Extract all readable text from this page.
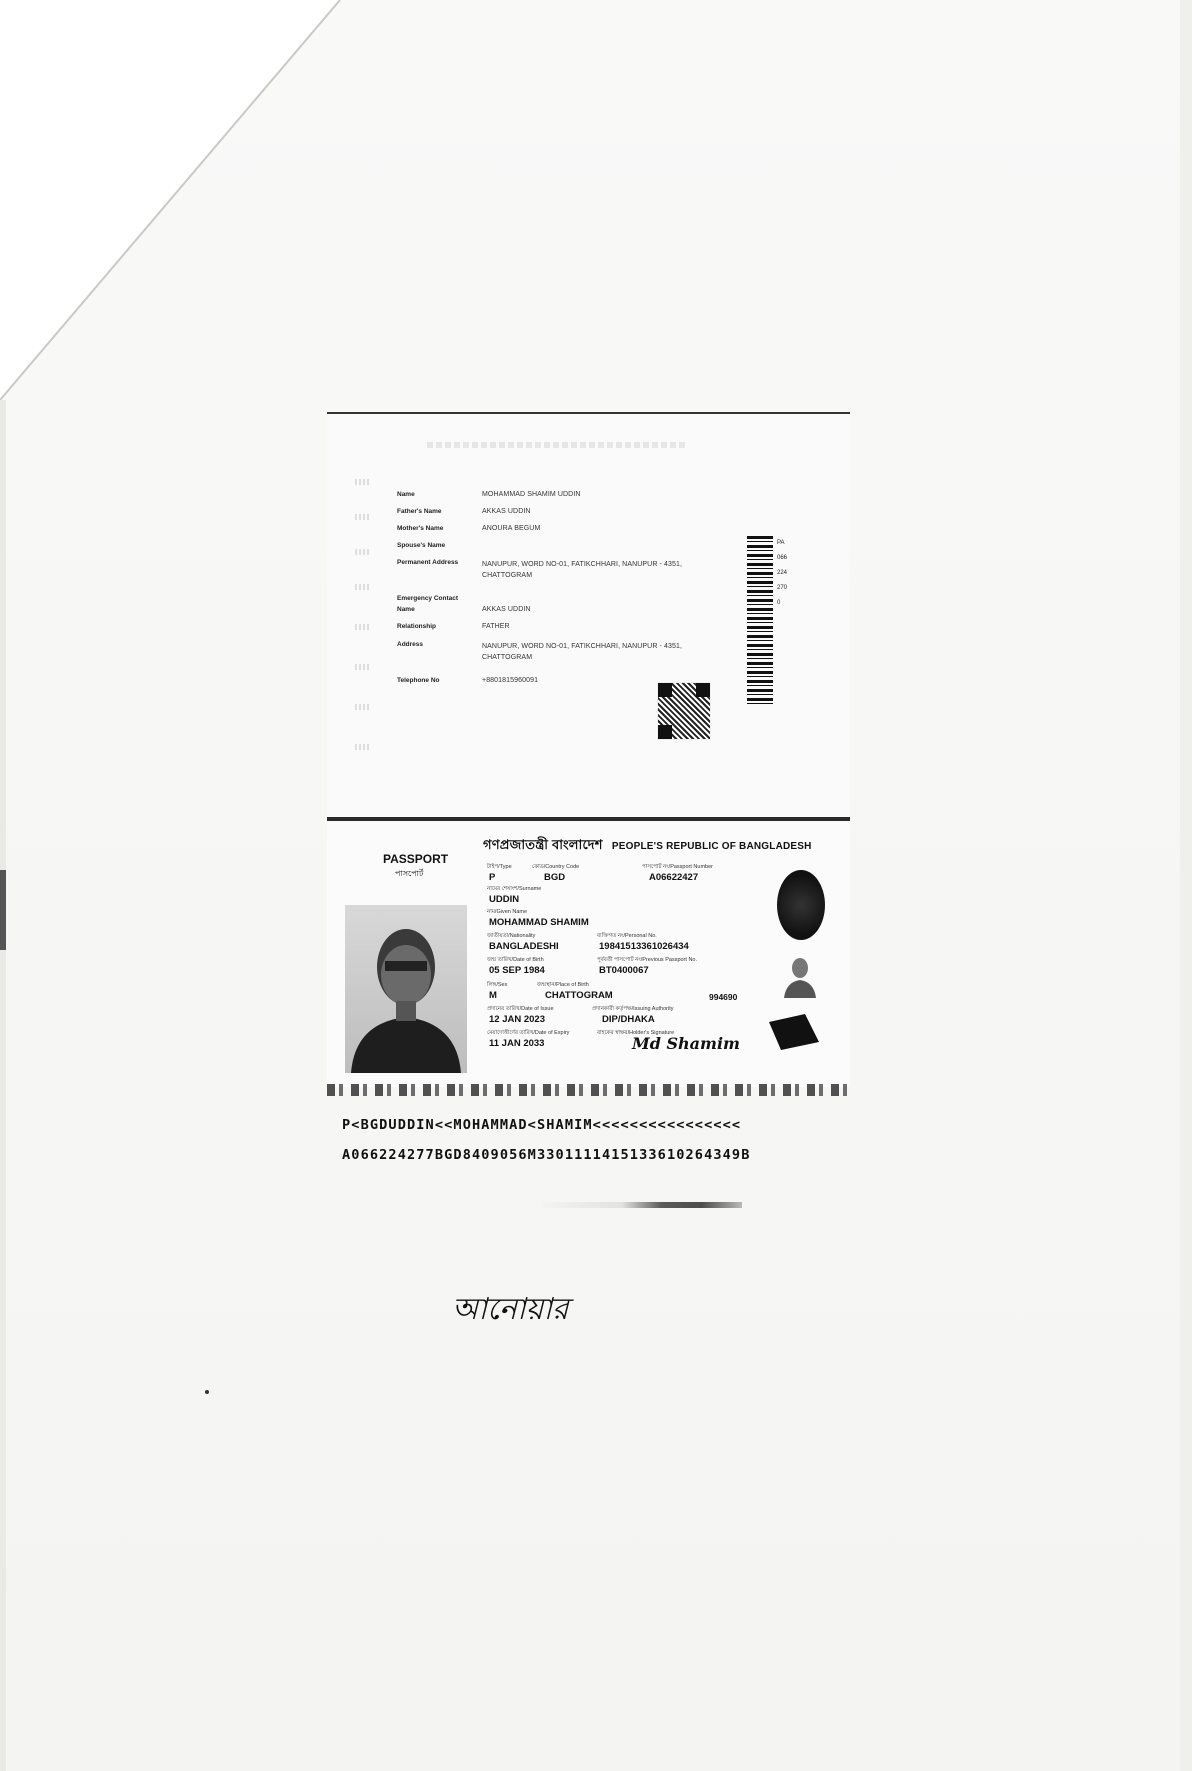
Name	MOHAMMAD SHAMIM UDDIN
Father's Name	AKKAS UDDIN
Mother's Name	ANOURA BEGUM
Spouse's Name
Permanent Address	NANUPUR, WORD NO-01, FATIKCHHARI, NANUPUR - 4351, CHATTOGRAM
Emergency Contact
Name	AKKAS UDDIN
Relationship	FATHER
Address	NANUPUR, WORD NO-01, FATIKCHHARI, NANUPUR - 4351, CHATTOGRAM
Telephone No	+8801815960091
PA0662242700
PASSPORT
পাসপোর্ট
গণপ্রজাতন্ত্রী বাংলাদেশ PEOPLE'S REPUBLIC OF BANGLADESH
টাইপ/Type	কোড/Country Code	পাসপোর্ট নং/Passport Number
P	BGD	A06622427
নামের শেষাংশ/Surname
UDDIN
নাম/Given Name
MOHAMMAD SHAMIM
জাতীয়তা/Nationality	ব্যক্তিগত নং/Personal No.
BANGLADESHI	19841513361026434
জন্ম তারিখ/Date of Birth	পূর্ববর্তী পাসপোর্ট নং/Previous Passport No.
05 SEP 1984	BT0400067
লিঙ্গ/Sex	জন্মস্থান/Place of Birth
M	CHATTOGRAM	994690
প্রদানের তারিখ/Date of Issue	প্রদানকারী কর্তৃপক্ষ/Issuing Authority
12 JAN 2023	DIP/DHAKA
মেয়াদোত্তীর্ণের তারিখ/Date of Expiry	বাহকের স্বাক্ষর/Holder's Signature
11 JAN 2033	Md Shamim
P<BGDUDDIN<<MOHAMMAD<SHAMIM<<<<<<<<<<<<<<<<
A066224277BGD8409056M3301111415133610264349B
আনোয়ার
